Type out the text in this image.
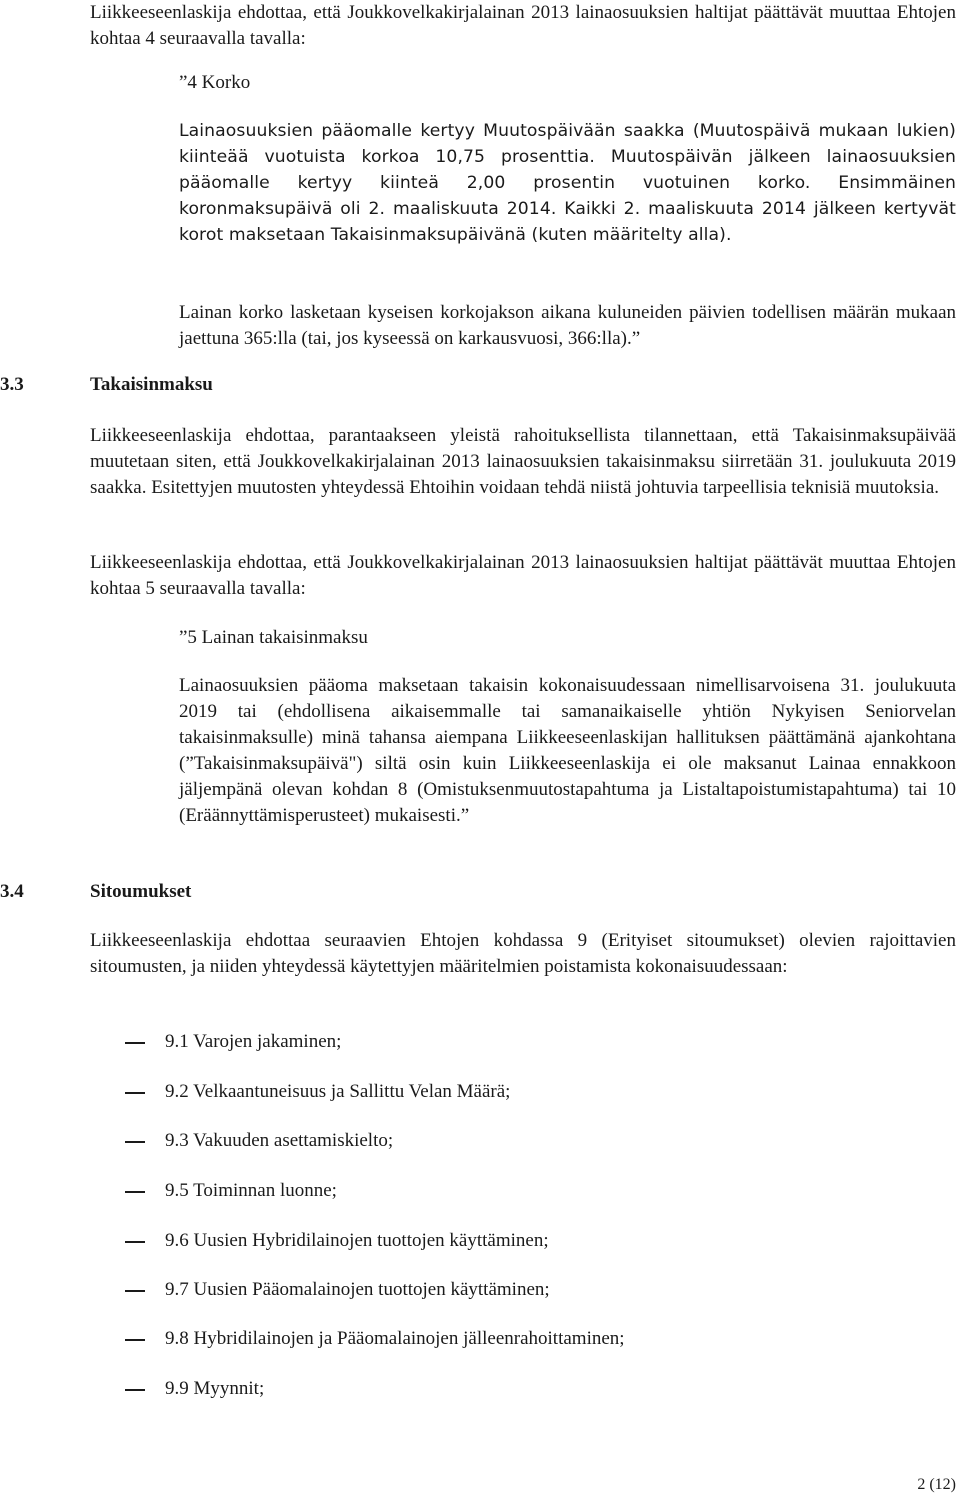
Liikkeeseenlaskija ehdottaa, että Joukkovelkakirjalainan 2013 lainaosuuksien haltijat päättävät muuttaa Ehtojen kohtaa 4 seuraavalla tavalla:

”4 Korko

Lainaosuuksien pääomalle kertyy Muutospäivään saakka (Muutospäivä mukaan lukien) kiinteää vuotuista korkoa 10,75 prosenttia. Muutospäivän jälkeen lainaosuuksien pääomalle kertyy kiinteä 2,00 prosentin vuotuinen korko. Ensimmäinen koronmaksupäivä oli 2. maaliskuuta 2014. Kaikki 2. maaliskuuta 2014 jälkeen kertyvät korot maksetaan Takaisinmaksupäivänä (kuten määritelty alla).

Lainan korko lasketaan kyseisen korkojakson aikana kuluneiden päivien todellisen määrän mukaan jaettuna 365:lla (tai, jos kyseessä on karkausvuosi, 366:lla).”

3.3	Takaisinmaksu

Liikkeeseenlaskija ehdottaa, parantaakseen yleistä rahoituksellista tilannettaan, että Takaisinmaksupäivää muutetaan siten, että Joukkovelkakirjalainan 2013 lainaosuuksien takaisinmaksu siirretään 31. joulukuuta 2019 saakka. Esitettyjen muutosten yhteydessä Ehtoihin voidaan tehdä niistä johtuvia tarpeellisia teknisiä muutoksia.

Liikkeeseenlaskija ehdottaa, että Joukkovelkakirjalainan 2013 lainaosuuksien haltijat päättävät muuttaa Ehtojen kohtaa 5 seuraavalla tavalla:

”5 Lainan takaisinmaksu

Lainaosuuksien pääoma maksetaan takaisin kokonaisuudessaan nimellisarvoisena 31. joulukuuta 2019 tai (ehdollisena aikaisemmalle tai samanaikaiselle yhtiön Nykyisen Seniorvelan takaisinmaksulle) minä tahansa aiempana Liikkeeseenlaskijan hallituksen päättämänä ajankohtana (”Takaisinmaksupäivä") siltä osin kuin Liikkeeseenlaskija ei ole maksanut Lainaa ennakkoon jäljempänä olevan kohdan 8 (Omistuksenmuutostapahtuma ja Listaltapoistumistapahtuma) tai 10 (Eräännyttämisperusteet) mukaisesti.”

3.4	Sitoumukset

Liikkeeseenlaskija ehdottaa seuraavien Ehtojen kohdassa 9 (Erityiset sitoumukset) olevien rajoittavien sitoumusten, ja niiden yhteydessä käytettyjen määritelmien poistamista kokonaisuudessaan:

9.1 Varojen jakaminen;
9.2 Velkaantuneisuus ja Sallittu Velan Määrä;
9.3 Vakuuden asettamiskielto;
9.5 Toiminnan luonne;
9.6 Uusien Hybridilainojen tuottojen käyttäminen;
9.7 Uusien Pääomalainojen tuottojen käyttäminen;
9.8 Hybridilainojen ja Pääomalainojen jälleenrahoittaminen;
9.9 Myynnit;
2 (12)
